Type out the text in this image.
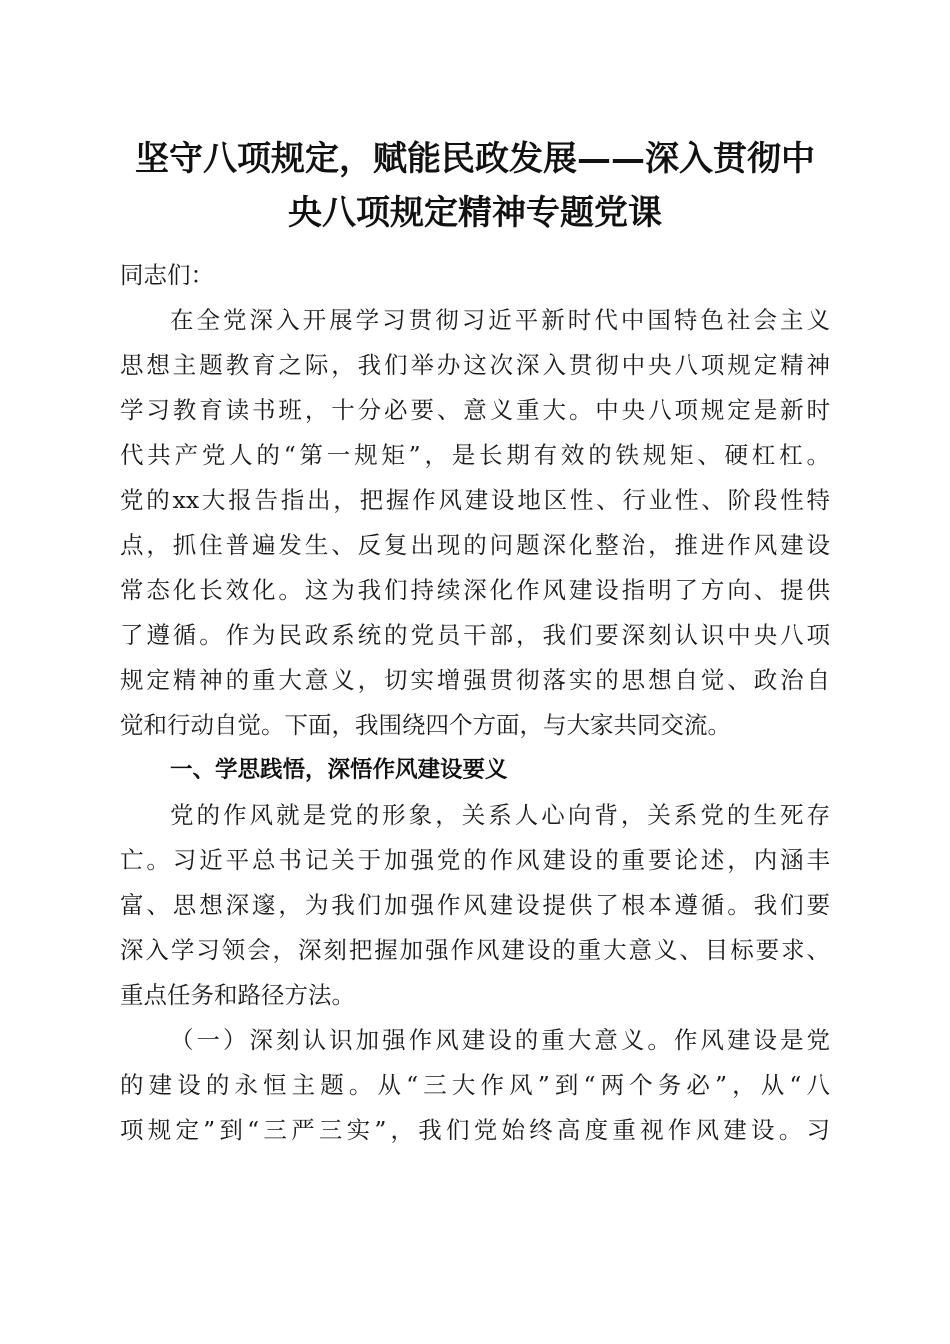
坚守八项规定，赋能民政发展——深入贯彻中
央八项规定精神专题党课
同志们：
在全党深入开展学习贯彻习近平新时代中国特色社会主义
思想主题教育之际，我们举办这次深入贯彻中央八项规定精神
学习教育读书班，十分必要、意义重大。中央八项规定是新时
代共产党人的“第一规矩”，是长期有效的铁规矩、硬杠杠。
党的xx大报告指出，把握作风建设地区性、行业性、阶段性特
点，抓住普遍发生、反复出现的问题深化整治，推进作风建设
常态化长效化。这为我们持续深化作风建设指明了方向、提供
了遵循。作为民政系统的党员干部，我们要深刻认识中央八项
规定精神的重大意义，切实增强贯彻落实的思想自觉、政治自
觉和行动自觉。下面，我围绕四个方面，与大家共同交流。
一、学思践悟，深悟作风建设要义
党的作风就是党的形象，关系人心向背，关系党的生死存
亡。习近平总书记关于加强党的作风建设的重要论述，内涵丰
富、思想深邃，为我们加强作风建设提供了根本遵循。我们要
深入学习领会，深刻把握加强作风建设的重大意义、目标要求、
重点任务和路径方法。
（一）深刻认识加强作风建设的重大意义。作风建设是党
的建设的永恒主题。从“三大作风”到“两个务必”，从“八
项规定”到“三严三实”，我们党始终高度重视作风建设。习
